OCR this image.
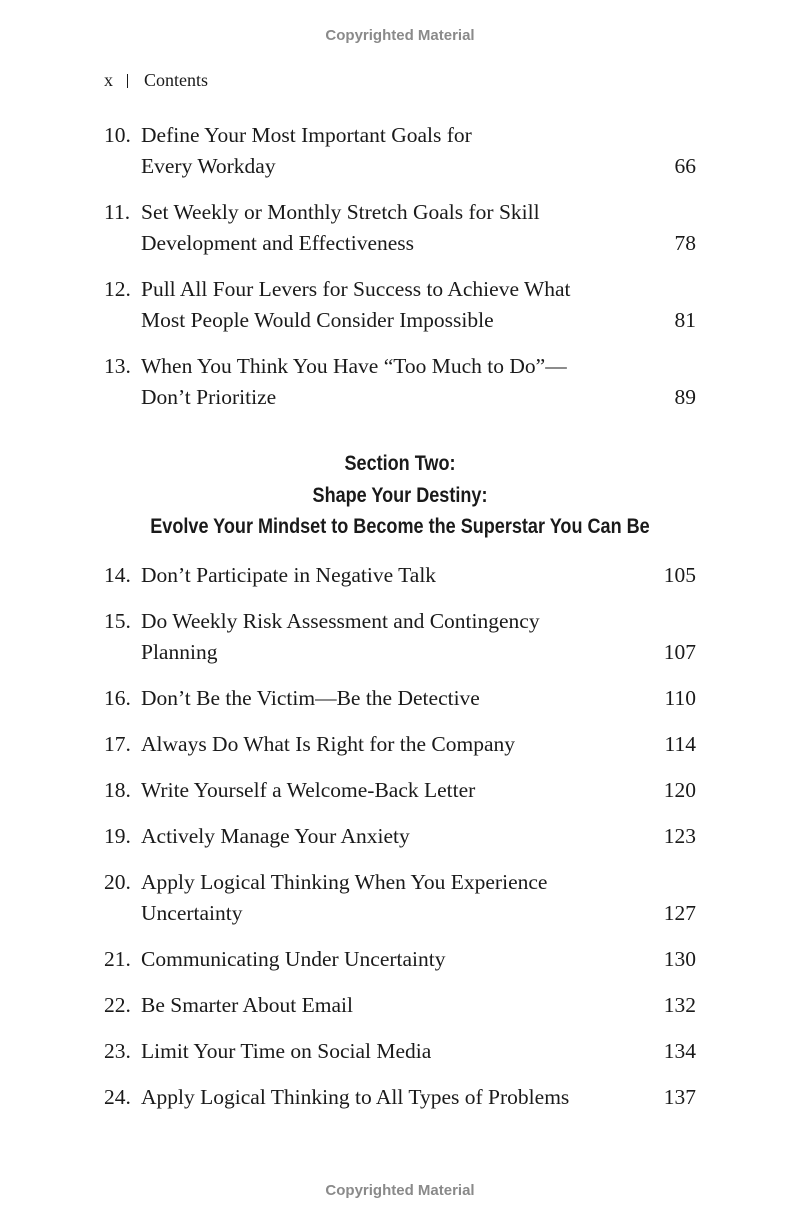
Copyrighted Material
x Contents
10. Define Your Most Important Goals for
Every Workday	66
11. Set Weekly or Monthly Stretch Goals for Skill
Development and Effectiveness	78
12. Pull All Four Levers for Success to Achieve What
Most People Would Consider Impossible	81
13. When You Think You Have “Too Much to Do”—
Don’t Prioritize	89
Section Two:
Shape Your Destiny:
Evolve Your Mindset to Become the Superstar You Can Be
14. Don’t Participate in Negative Talk	105
15. Do Weekly Risk Assessment and Contingency
Planning	107
16. Don’t Be the Victim—Be the Detective	110
17. Always Do What Is Right for the Company	114
18. Write Yourself a Welcome-Back Letter	120
19. Actively Manage Your Anxiety	123
20. Apply Logical Thinking When You Experience
Uncertainty	127
21. Communicating Under Uncertainty	130
22. Be Smarter About Email	132
23. Limit Your Time on Social Media	134
24. Apply Logical Thinking to All Types of Problems	137
Copyrighted Material
